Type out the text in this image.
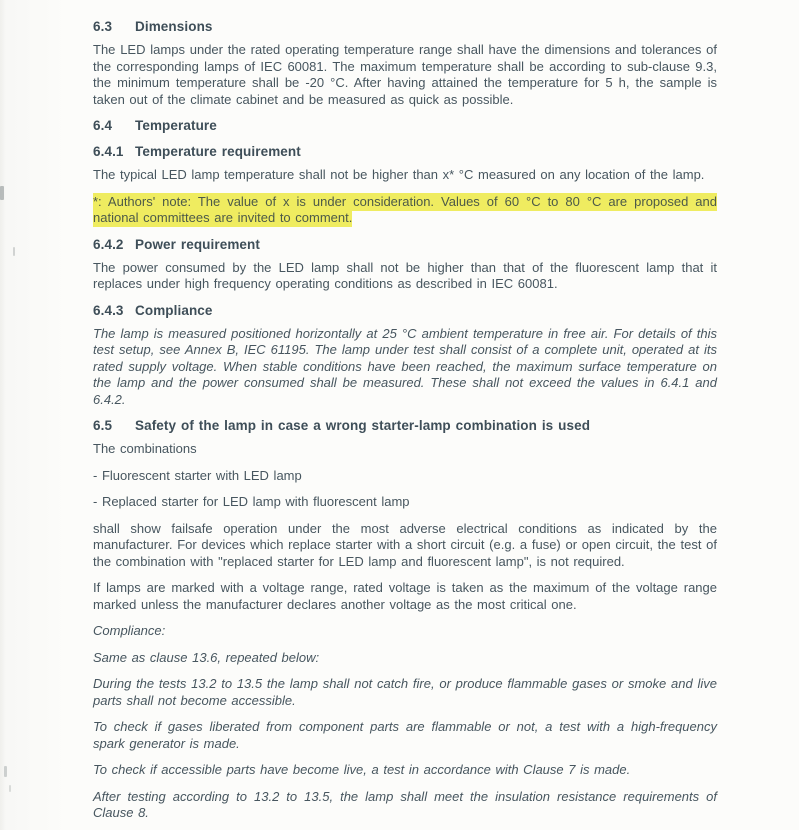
6.3 Dimensions

The LED lamps under the rated operating temperature range shall have the dimensions and tolerances of the corresponding lamps of IEC 60081. The maximum temperature shall be according to sub-clause 9.3, the minimum temperature shall be -20 °C. After having attained the temperature for 5 h, the sample is taken out of the climate cabinet and be measured as quick as possible.

6.4 Temperature
6.4.1 Temperature requirement

The typical LED lamp temperature shall not be higher than x* °C measured on any location of the lamp.

*: Authors' note: The value of x is under consideration. Values of 60 °C to 80 °C are proposed and national committees are invited to comment.

6.4.2 Power requirement

The power consumed by the LED lamp shall not be higher than that of the fluorescent lamp that it replaces under high frequency operating conditions as described in IEC 60081.

6.4.3 Compliance

The lamp is measured positioned horizontally at 25 °C ambient temperature in free air. For details of this test setup, see Annex B, IEC 61195. The lamp under test shall consist of a complete unit, operated at its rated supply voltage. When stable conditions have been reached, the maximum surface temperature on the lamp and the power consumed shall be measured. These shall not exceed the values in 6.4.1 and 6.4.2.

6.5 Safety of the lamp in case a wrong starter-lamp combination is used

The combinations

- Fluorescent starter with LED lamp

- Replaced starter for LED lamp with fluorescent lamp

shall show failsafe operation under the most adverse electrical conditions as indicated by the manufacturer. For devices which replace starter with a short circuit (e.g. a fuse) or open circuit, the test of the combination with "replaced starter for LED lamp and fluorescent lamp", is not required.

If lamps are marked with a voltage range, rated voltage is taken as the maximum of the voltage range marked unless the manufacturer declares another voltage as the most critical one.

Compliance:

Same as clause 13.6, repeated below:

During the tests 13.2 to 13.5 the lamp shall not catch fire, or produce flammable gases or smoke and live parts shall not become accessible.

To check if gases liberated from component parts are flammable or not, a test with a high-frequency spark generator is made.

To check if accessible parts have become live, a test in accordance with Clause 7 is made.

After testing according to 13.2 to 13.5, the lamp shall meet the insulation resistance requirements of Clause 8.
